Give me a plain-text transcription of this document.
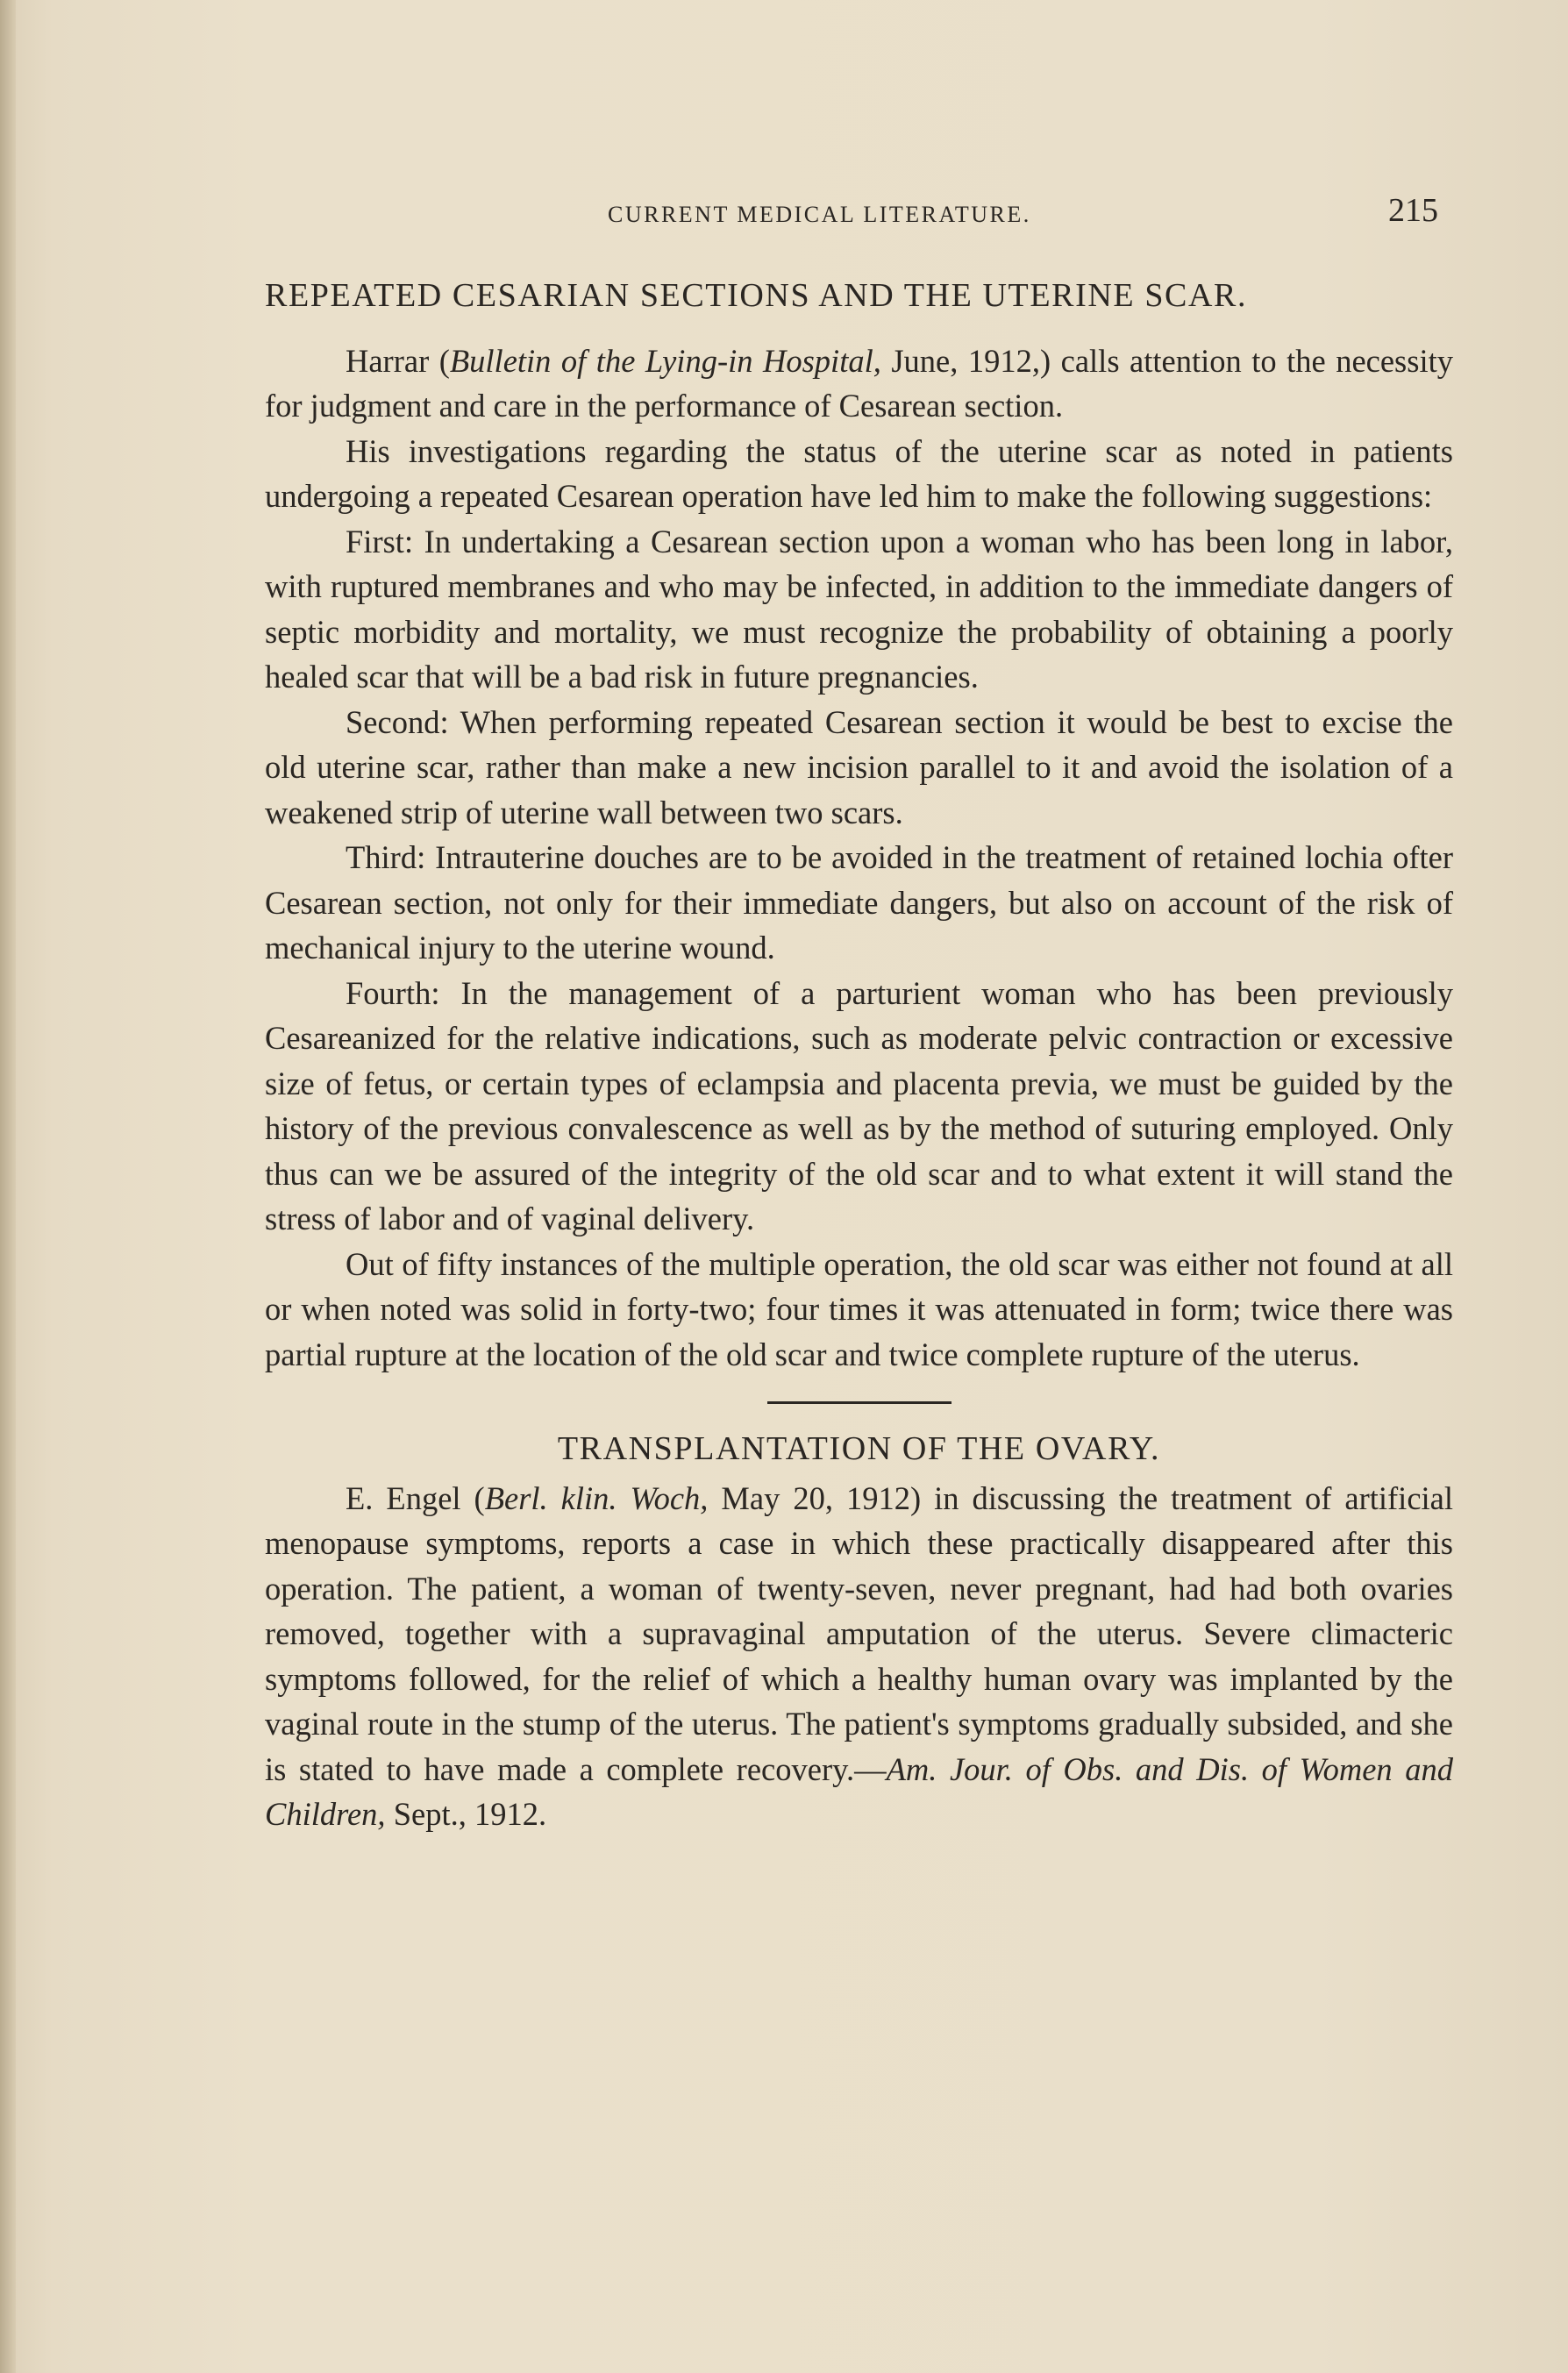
CURRENT MEDICAL LITERATURE.	215
REPEATED CESARIAN SECTIONS AND THE UTERINE SCAR.

Harrar (Bulletin of the Lying-in Hospital, June, 1912,) calls attention to the necessity for judgment and care in the performance of Cesarean section.

His investigations regarding the status of the uterine scar as noted in patients undergoing a repeated Cesarean operation have led him to make the following suggestions:

First: In undertaking a Cesarean section upon a woman who has been long in labor, with ruptured membranes and who may be infected, in addition to the immediate dangers of septic morbidity and mortality, we must recognize the probability of obtaining a poorly healed scar that will be a bad risk in future pregnancies.

Second: When performing repeated Cesarean section it would be best to excise the old uterine scar, rather than make a new incision parallel to it and avoid the isolation of a weakened strip of uterine wall between two scars.

Third: Intrauterine douches are to be avoided in the treatment of retained lochia ofter Cesarean section, not only for their immediate dangers, but also on account of the risk of mechanical injury to the uterine wound.

Fourth: In the management of a parturient woman who has been previously Cesareanized for the relative indications, such as moderate pelvic contraction or excessive size of fetus, or certain types of eclampsia and placenta previa, we must be guided by the history of the previous convalescence as well as by the method of suturing employed. Only thus can we be assured of the integrity of the old scar and to what extent it will stand the stress of labor and of vaginal delivery.

Out of fifty instances of the multiple operation, the old scar was either not found at all or when noted was solid in forty-two; four times it was attenuated in form; twice there was partial rupture at the location of the old scar and twice complete rupture of the uterus.

TRANSPLANTATION OF THE OVARY.

E. Engel (Berl. klin. Woch, May 20, 1912) in discussing the treatment of artificial menopause symptoms, reports a case in which these practically disappeared after this operation. The patient, a woman of twenty-seven, never pregnant, had had both ovaries removed, together with a supravaginal amputation of the uterus. Severe climacteric symptoms followed, for the relief of which a healthy human ovary was implanted by the vaginal route in the stump of the uterus. The patient's symptoms gradually subsided, and she is stated to have made a complete recovery.—Am. Jour. of Obs. and Dis. of Women and Children, Sept., 1912.
